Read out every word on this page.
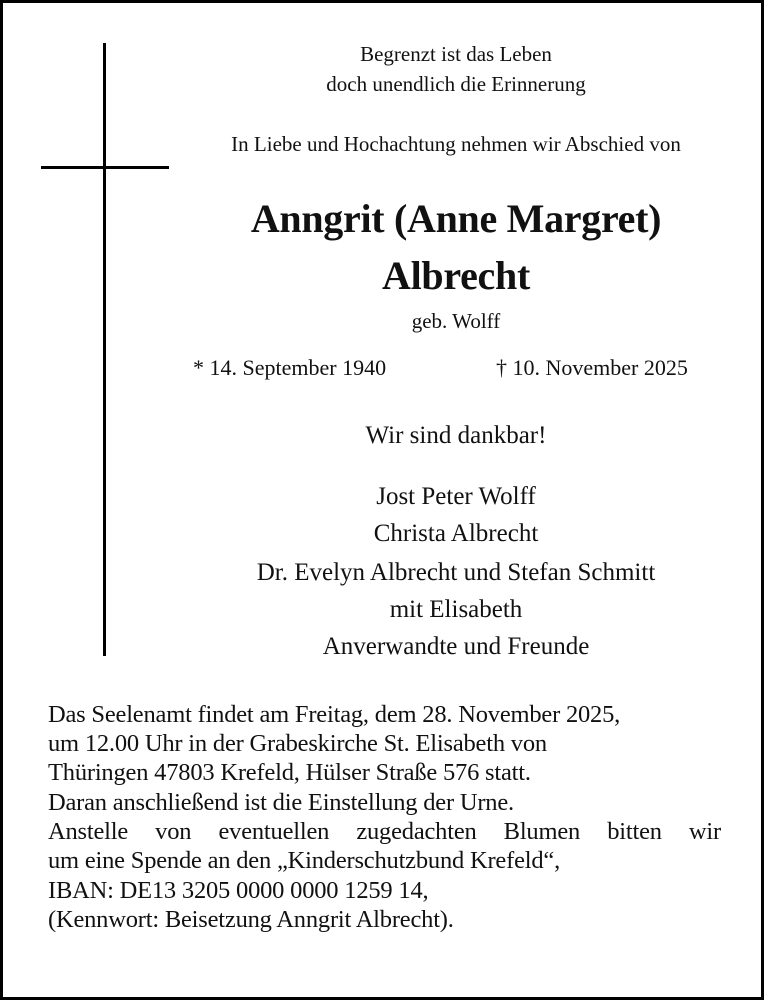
Begrenzt ist das Leben
doch unendlich die Erinnerung
In Liebe und Hochachtung nehmen wir Abschied von
Anngrit (Anne Margret)
Albrecht
geb. Wolff
* 14. September 1940	† 10. November 2025
Wir sind dankbar!
Jost Peter Wolff
Christa Albrecht
Dr. Evelyn Albrecht und Stefan Schmitt
mit Elisabeth
Anverwandte und Freunde
Das Seelenamt findet am Freitag, dem 28. November 2025,
um 12.00 Uhr in der Grabeskirche St. Elisabeth von
Thüringen 47803 Krefeld, Hülser Straße 576 statt.
Daran anschließend ist die Einstellung der Urne.
Anstelle von eventuellen zugedachten Blumen bitten wir
um eine Spende an den „Kinderschutzbund Krefeld“,
IBAN: DE13 3205 0000 0000 1259 14,
(Kennwort: Beisetzung Anngrit Albrecht).
